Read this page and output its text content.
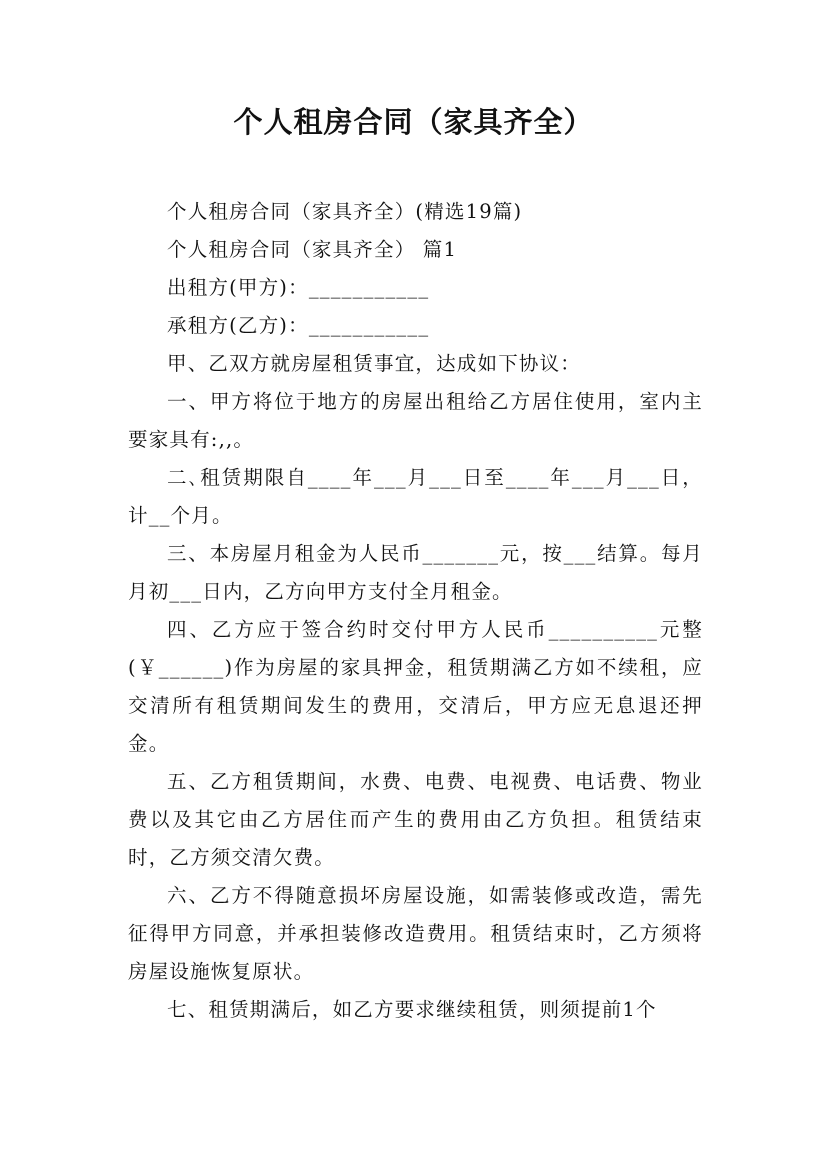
个人租房合同（家具齐全）

个人租房合同（家具齐全）(精选19篇)

个人租房合同（家具齐全） 篇1

出租方(甲方)：___________

承租方(乙方)：___________

甲、乙双方就房屋租赁事宜，达成如下协议：

一、甲方将位于地方的房屋出租给乙方居住使用，室内主要家具有:,,。

二､租赁期限自____年___月___日至____年___月___日，计__个月。

三、本房屋月租金为人民币_______元，按___结算。每月月初___日内，乙方向甲方支付全月租金。

四、乙方应于签合约时交付甲方人民币__________元整(￥______)作为房屋的家具押金，租赁期满乙方如不续租，应交清所有租赁期间发生的费用，交清后，甲方应无息退还押金。

五、乙方租赁期间，水费、电费、电视费、电话费、物业费以及其它由乙方居住而产生的费用由乙方负担。租赁结束时，乙方须交清欠费。

六、乙方不得随意损坏房屋设施，如需装修或改造，需先征得甲方同意，并承担装修改造费用。租赁结束时，乙方须将房屋设施恢复原状。

七、租赁期满后，如乙方要求继续租赁，则须提前1个
